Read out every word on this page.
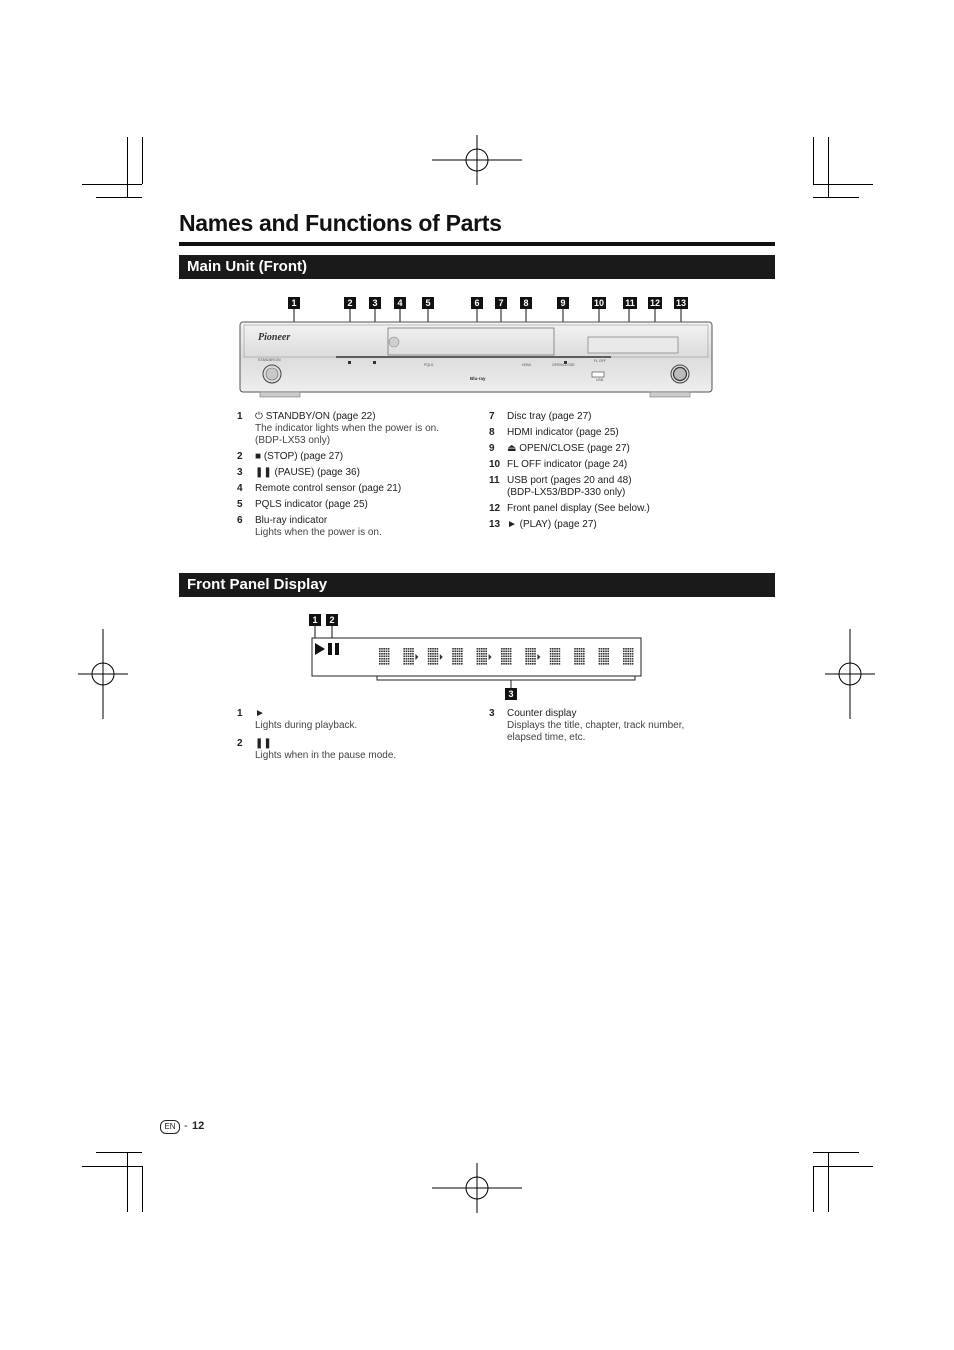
Names and Functions of Parts
Main Unit (Front)
1	2	3	4	5	6	7	8	9	10 11 12 13
Pioneer
STANDBY/ON
PQLS	HDMI	OPEN/CLOSE
FL OFF
USB
Blu-ray
1 ⏻ STANDBY/ON (page 22)
The indicator lights when the power is on.
(BDP-LX53 only)
2 ■ (STOP) (page 27)
3 ❚❚ (PAUSE) (page 36)
4 Remote control sensor (page 21)
5 PQLS indicator (page 25)
6 Blu-ray indicator
Lights when the power is on.
7 Disc tray (page 27)
8 HDMI indicator (page 25)
9 ⏏ OPEN/CLOSE (page 27)
10 FL OFF indicator (page 24)
11 USB port (pages 20 and 48)
(BDP-LX53/BDP-330 only)
12 Front panel display (See below.)
13 ► (PLAY) (page 27)
Front Panel Display
1	2
3
1 ►
Lights during playback.
2 ❚❚
Lights when in the pause mode.
3 Counter display
Displays the title, chapter, track number,
elapsed time, etc.
EN - 12
